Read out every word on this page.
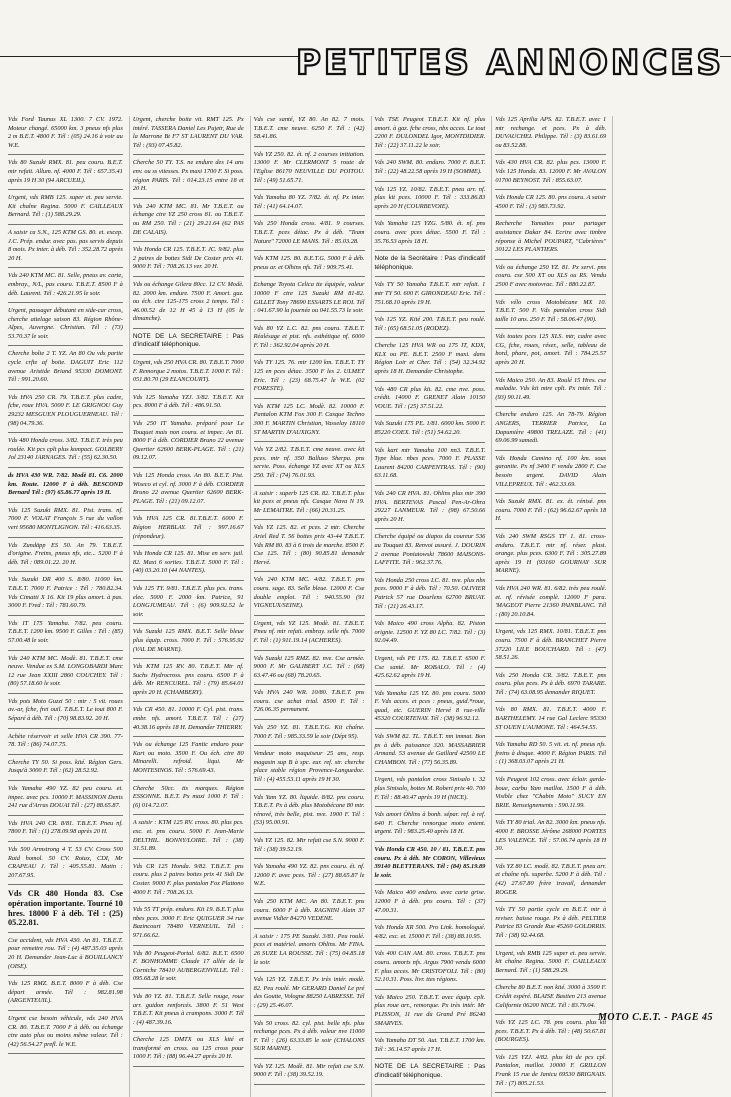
PETITES ANNONCES
Vds Ford Taunus XL 1300. 7 CV. 1972. Moteur changé. 65000 km. 3 pneus nfs plus 2 m B.E.T. 4800 F. Tél : (05) 24.16 à voir au W.E.
Vds 80 Suzuki RMX. 81. peu couru. B.E.T. mtr refait. Allum. nf. 4000 F. Tél : 657.35.41 après 19 H 30 (94 ARCUEIL).
Urgent, vds RMB 125. super et. peu servie. Kit chaîne Regina. 5000 F. CAILLEAUX Bernard. Tél : (1) 588.29.29.
A saisir ca S.N., 125 KTM GS. 80. et. excep. J.C. Prép. endur. avec pas. pas servis depuis 8 mois. Px inter. à déb. Tél : 352.28.72 après 20 H.
Vds 240 KTM MC. 81. Selle, pneus av. carte, embray., N/L, pas couru. T.B.E.T. 8500 F à déb. Laurent. Tél : 426.21.95 le soir.
Urgent, passager débutant en side-car cross, cherche attelage saison 83. Région Rhône-Alpes, Auvergne. Christian. Tél : (73) 53.70.37 le soir.
Cherche boîte 2 T. YZ. An 80 Ou vds partie cycle crfte af boite. DAGUIT Eric 112 avenue Aristide Briand 95330 DOMONT. Tél : 991.20.60.
Vds HVA 250 CR. 79. T.B.E.T. plus cadre, fche, roue HVA. 5000 F. LE GRIGNOU Guy 29232 MESGUEN PLOUGUERNEAU. Tél : (98) 04.79.36.
Vds 480 Honda cross. 3/82. T.B.E.T. très peu roulée. Kit pcs cplt plus kompact. GOLBERY Jol 23140 JARNAGES. Tél : (55) 62.30.50.
ds HVA 430 WR. 7/82. Modè 81. C6. 2000 km. Route. 12000 F à déb. BESCOND Bernard Tél : (97) 65.86.77 après 19 H.
Vds 125 Suzuki RMX. 81. Pist. trans. nf. 7000 F. VOLAT François 5 rue du vallon vert 95680 MONTLIGNON. Tél : 416.63.35.
Vds Zundäpp ES 50. An 79. T.B.E.T. d'origine. Freins, pneus nfs, etc... 5200 F à déb. Tél : 089.01.22. 20 H.
Vds Suzuki DR 400 S. 8/80. 11000 km. T.B.E.T. 7000 F. Patrice : Tél : 780.82.34. Vds Cimatti X 16. Kit 19 plus amort. à pas. 3000 F. Fred : Tél : 781.60.79.
Vds IT 175 Yamaha. 7/82. peu couru. T.B.E.T. 1200 km. 9500 F. Gilles : Tél : (85) 57.00.48 le soir.
Vds 240 KTM MC. Modè. 81. T.B.E.T. cme neuve. Vendue ex S.M. LONGOBARDI Marc 12 rue Jean XXIII 2860 COUCHEY. Tél : (80) 57.18.60 le soir.
Vds pots Moto Guzzi 50 : mtr : 5 vit. roues av.-ar, fche, frei ouil. T.B.E.T. Le tout 800 F. Séparé à déb. Tél : (70) 98.83.92. 20 H.
Achète réservoir et selle HVA CR 390. 77-78. Tél : (86) 74.07.75.
Cherche TY 50. Si poss. kité. Région Gers. Jusqu'à 3000 F. Tél : (62) 28.52.92.
Vds Yamaha 490 YZ. 82 peu couru. et. impec. avec pcs. 10000 F. MASSINON Denis 241 rue d'Arras DOUAI Tél : (27) 88.65.87.
Vds HVA 240 CR. 8/81. T.B.E.T. Pneu nf. 7800 F. Tél : (1) 278.09.98 après 20 H.
Vds 500 Armstrong 4 T. 53 CV. Cross 500 Raid homol. 50 CV. Rotax, CDI, Mr CRAPEAU J. Tél : 405.55.81. Matin : 207.67.95.
Vds CR 480 Honda 83. Cse opération importante. Tourné 10 hres. 18000 F à déb. Tél : (25) 05.22.81.
Cse accident, vds HVA 430. An 81. T.B.E.T. pour remettre rou. Tél : (4) 487.35.03 après 20 H. Demander Jean-Luc à BOUILLANCY (OISE).
Vds 125 RMZ. B.E.T. 8000 F à déb. Cse départ armée. Tél : 982.81.98 (ARGENTEUIL).
Urgent cse besoin véhicule, vds 240 HVA CR. 80. T.B.E.T. 7000 F à déb. ou échange ctre auto plus ou moins même valeur. Tél : (42) 56.54.27 prefl. le W.E.
Urgent, cherche boite vit. RMT 125. Px intéré. TASSERA Daniel Les Pujetr, Rue de la Marrone Bt F7 ST LAURENT DU VAR. Tél : (93) 07.45.82.
Cherche 50 TY. T.S. ne endure des 14 ans env. ou ss vitesses. Px maxi 1700 F. Si poss. région PARIS. Tél : 014.23.15 entre 18 et 20 H.
Vds 240 KTM MC. 81. Mr T.B.E.T. ou échange ctre YZ 250 cross 81. ou T.B.E.T. ou RM 250. Tél : (21) 29.21.64 (62 PAS DE CALAIS).
Vds Honda CR 125. T.B.E.T. JC. 9/82. plus 2 paires de bottes Sidi De Coster prix 41. 9000 F. Tél : 708.26.13 ver. 20 H.
Vds ou échange Gilera 80cc. 12 CV. Modè. 82. 2000 km. endure. 7500 F. Amort. gaz. ou éch. ctre 125-175 cross 2 temps. Tél : 46.00.52 de 12 H 45 à 13 H (05 le dimanche).
NOTE DE LA SECRETAIRE : Pas d'indicatif téléphonique.
Urgent, vds 250 HVA CR. 80. T.B.E.T. 7000 F. Remorque 2 motos. T.B.E.T. 1000 F. Tél : 051.80.70 (29 ELANCOURT).
Vds 125 Yamaha YZJ. 3/82. T.B.E.T. Kit pcs. 8000 F à déb. Tél : 486.91.50.
Vds 250 IT Yamaha. préparé pour Le Touquet mais non couru. et impec. An 81. 8000 F à déb. CORDIER Bruno 22 avenue Quertier 62600 BERK-PLAGE. Tél : (21) 09.12.07.
Vds 125 Honda cross. An 80. B.E.T. Pist. Wiseco et cyl. nf. 3000 F à déb. CORDIER Bruno 22 avenue Quertier 62600 BERK-PLAGE. Tél : (21) 09.12.07.
Vds HVA 125 CR. 81.T.B.E.T. 6000 F. Région HERBLAY. Tél : 997.16.67 (répondeur).
Vds Honda CR 125. 81. Mise en serv. juil. 82. Maxi 6 sorties. T.B.E.T. 5000 F. Tél : (40) 03.20.10 (44 NANTES).
Vds 125 TY. 9/81. T.B.E.T. plus pcs. trans. elec. 5000 F. 2000 km. Patrice, 91 LONGJUMEAU. Tél : (6) 909.92.52 le soir.
Vds Suzuki 125 RMX. B.E.T. Selle bleue plus équip. cross. 7000 F. Tél : 576.95.92 (VAL DE MARNE).
Vds KTM 125 RV. 80. T.B.E.T. Mtr nf. Suchs Hydrocross. pns couru. 6500 F à déb. Mr RENCUREL. Tél : (79) 85.64.01 après 20 H. (CHAMBERY).
Vds CR 450. 81. 10000 F. Cyl. pist. trans. embr. nfs. amort. T.B.E.T. Tél : (27) 40.38.16 après 18 H. Demander THIERRY.
Vds ou échange 125 Fantic enduro pour Kart ou moto. 3500 F. Ou éch. ctre 80 Minarelli. refroid. liqui. Mr MONTESINOS. Tél : 576.69.43.
Cherche 50cc. tts marques. Région ESSONNE. B.E.T. Px maxi 1000 F. Tél : (6) 014.72.07.
A saisir : KTM 125 RV. cross. 80. plus pcs. exc. et. pns couru. 5000 F. Jean-Marie DELTHIL. BONNY/LOIRE. Tél : (38) 31.51.89.
Vds CR 125 Honda. 9/82. T.B.E.T. pns couru. plus 2 paires bottes prix 41 Sidi De Coster. 9000 F. plus pantalon Fox Plattono 4000 F. Tél : 708.26.13.
Vds 55 TT prép. enduro. Kit 19. B.E.T. plus nbes pces. 3000 F. Eric QUIGUER 34 rue Bazincourt 78480 VERNEUIL. Tél : 971.66.62.
Vds 80 Peugeot-Portal. 6/82. B.E.T. 6500 F. BONHOMME Claude 17 allée de la Corniche 78410 AUBERGENVILLE. Tél : 095.68.28 le soir.
Vds 80 YZ. 81. T.B.E.T. Selle rouge, roue arr. guidon renforcés. 3800 F. 51 West T.B.E.T. Kit pneus à crampons. 3000 F. Tél : (4) 487.39.16.
Cherche 125 DMTX ou XLS kité et transformé en cross. ou 125 cross pour 1000 F. Tél : (88) 96.44.27 après 20 H.
Vds cse santé, YZ 80. An 82. 7 mois. T.B.E.T. cme neuve. 6250 F. Tél : (42) 58.41.86.
Vds YZ 250. 82. ét. nf. 2 courses initiation. 13000 F. Mr CLERMONT 5 route de l'Eglise 86170 NEUVILLE DU POITOU. Tél : (49) 51.65.71.
Vds Yamaha 80 YZ. 7/82. ét. nf. Px inter. Tél : (41) 64.14.07.
Vds 250 Honda cross. 4/81. 9 courses. T.B.E.T. pces détac. Px à déb. "Team Nature" 72000 LE MANS. Tél : 85.03.28.
Vds KTM 125. 80. B.E.T.G. 5000 F à déb. pneus ar. et Olhins nfs. Tél : 909.75.41.
Echange Toyota Celica tte équipée, valeur 10000 F ctre 125 Suzuki RM 81-82. GILLET Tony 78690 ESSARTS LE ROI. Tél : 041.67.90 la journée ou 041.55.73 le soir.
Vds 80 YZ L.C. 82. pns couru. T.B.E.T. Réalésage et pist. nfs. esthétique nf. 6000 F. Tél : 362.92.04 après 20 H.
Vds TY 125. 76. mtr 1200 km. T.B.E.T. TY 125 en pces détac. 3500 F les 2. ULMET Eric. Tél : (23) 68.75.47 le W.E. (02 FORESTE).
Vds KTM 125 LC. Modè. 82. 10000 F. Pantalon KTM Fox 300 F. Casque Techno 300 F. MARTIN Christian, Vasselay 18110 ST MARTIN D'AUXIGNY.
Vds YZ 2/82. T.B.E.T. cme neuve. avec kit pces. mtr nf. 350 Balluso Sherpa. pns servie. Poss. échange YZ avec XT ou XLS 250. Tél : (74) 76.01.93.
A saisir : superb 125 CR. 82. T.B.E.T. plus kit pces et pneus nfs. Casque Nava N 19. Mr LEMAITRE. Tél : (66) 20.31.25.
Vds YZ 125. 82. et pces. 2 mtr. Cherche Ariel Red T. 56 bottes prix 43-44 T.B.E.T. Vds RM 80. 83 à 6 trois de marche. 8500 F. Cse 125. Tél : (80) 90.85.81 demande Hervé.
Vds 240 KTM MC. 4/82. T.B.E.T. pns couru. sage. 83. Selle bleue. 12000 F. Cse double emploi. Tél : 940.55.90 (91 VIGNEUX/SEINE).
Urgent, vds YZ 125. Modè. 81. T.B.E.T. Pneu nf. mtr refait. embray. selle nfs. 7000 F. Tél : (1) 911.19.14 (ACHERES).
Vds Suzuki 125 RMZ. 82. nve. Cse armée. 9000 F. Mr GALIBERT J.C. Tél : (68) 63.47.46 ou (68) 78.20.65.
Vds HVA 240 WR. 10/80. T.B.E.T. pns couru. cse achat trial. 8500 F. Tél : 726.06.35 permanent.
Vds 250 YZ. 81. T.B.E.T.G. Kit chaîne. 7000 F. Tél : 985.33.59 le soir (Dépt 95).
Vendeur moto maquiseur 25 ans, resp. magasin sup B à spc. eur. ref. str. cherche place stable région Provence-Languedoc. Tél : (4) 455.53.11 après 19 H 30.
Vds Yam YZ. 80. liquide. 8/82. pns couru. T.B.E.T. Px à déb. plus Motobécane 80 mtr. rénové, très belle, pist. nve. 1900 F. Tél : (53) 95.00.91.
Vds YZ 125. 82. Mtr refait cse S.N. 9000 F. Tél : (38) 39.52.19.
Vds Yamaha 490 YZ. 82. pns couru. ét. nf. 12000 F. avec pces. Tél : (27) 88.65.87 le W.E.
Vds 250 KTM MC. An 80. T.B.E.T. pns couru. 6000 F à déb. RAGNINI Alain 37 avenue Vidier 84270 VEDENE.
A saisir : 175 PE Suzuki. 3/81. Peu roulé. pces et matériel. amorts Ohlins. Mr FINA. 26 SUZE LA ROUSSE. Tél : (75) 04.85.18 le soir.
Vds 125 YZ. T.B.E.T. Px très intér. modè. 82. Peu roulé. Mr GERARD Daniel Le pré des Goutte, Vologne 88250 LABRESSE. Tél : (29) 25.46.07.
Vds 50 cross. 82. cyl. pist. belle nfs. plus rechange pces. Px à déb. valeur nve 11000 F. Tél : (26) 63.33.85 le soir (CHALONS SUR MARNE).
Vds YZ 125. Modè. 81. Mtr refait cse S.N. 9000 F. Tél : (38) 39.52.19.
Vds TSE Peugeot T.B.E.T. Kit nf. plus amort. à gaz. fche cross, nbx acces. Le tout 2200 F. DULONDEL Igor, MONTDIDIER. Tél : (22) 37.11.22 le soir.
Vds 240 SWM. 80. enduro. 7000 F. B.E.T. Tél : (22) 48.22.58 après 19 H (SOMME).
Vds 125 YZ. 10/82. T.B.E.T. pneu arr. nf. plus kit pces. 10000 F. Tél : 333.86.83 après 20 H (COURBEVOIE).
Vds Yamaha 125 YZG. 5/80. ét. nf. pns couru. avec pces détac. 5500 F. Tél : 35.76.53 après 18 H.
Note de la Secrétaire : Pas d'indicatif téléphonique.
Vds TY 50 Yamaha T.B.E.T. mtr refait. 1 mtr TY 50. 600 F. GIRONDEAU Eric. Tél : 751.68.10 après 19 H.
Vds 125 YZ. Kité 200. T.B.E.T. peu roulé. Tél : (65) 68.51.05 (RODEZ).
Cherche 125 HVA WR ou 175 IT, KDX, KLX ou PE. B.E.T. 2500 F maxi. dans Région Loir et Cher. Tél : (54) 32.34.92 après 18 H. Demander Christophe.
Vds 480 CR plus kit. 82. cme nve. poss. crédit. 14000 F. GRENET Alain 10150 VOUE. Tél : (25) 37.51.22.
Vds Suzuki 175 PE. 1/81. 6000 km. 5000 F. 85220 COEX. Tél : (51) 54.62.20.
Vds kart mtr Yamaha 100 nn3. T.B.E.T. Type blue. nbes pces. 7000 F. PLASSE Laurent 84200 CARPENTRAS. Tél : (90) 63.11.68.
Vds 240 CR HVA. 81. Ohlins plus mtr 390 HVA. BERTEVAS Pascal Pen-Ar-Ohra 29227 LANMEUR. Tél : (98) 67.50.66 après 20 H.
Cherche équipé ou diapos du coureur 536 au Touquet 83. Renvoi assuré. J. DOURIN 2 avenue Poniatowski 78600 MAISONS-LAFFITE. Tél : 962.37.76.
Vds Honda 250 cross LC. 81. nve. plus nbx pces. 9000 F à déb. Tél : 70.50. OLIVIER Patrick 57 rue Dourlens 62700 BRUAY. Tél : (21) 26.43.17.
Vds Maico 490 cross Alpha. 82. Piston orignie. 12500 F. YZ 80 LC. 7/82. Tél : (3) 92.04.49.
Urgent, vds PE 175. 82. T.B.E.T. 6500 F. Cse santé. Mr ROBALO. Tél : (4) 425.62.62 après 19 H.
Vds Yamaha 125 YZ. 80. pns couru. 5000 F. Vds acces. et pces : pneus, guid.*roue, quad, etc. GUERIN Hervé 8 rue-ville 45320 COURTENAY. Tél : (38) 96.92.12.
Vds SWM 82. TL. T.B.E.T. nm immat. Bon px à déb. puissance 320. MASSABRIER Armand. 53 avenue de Gaillard 42500 LE CHAMBON. Tél : (77) 56.35.89.
Urgent, vds pantalon cross Sinisalo t. 32 plus Sinisalo, bottes M. Robert prix 40. 700 F. Tél : 88.40.47 après 19 H (NICE).
Vds amort Öhlins à bonb. sépar. ref. à ref. 640 F. Cherche remorque moto entent. urgent. Tél : 983.25.40 après 18 H.
Vds Honda CR 450. 10 / 81. T.B.E.T. pns couru. Px à déb. Mr CORON, Villevieux 39140 BLETTERANS. Tél : (84) 85.19.89 le soir.
Vds Maico 400 enduro. avec carte grise. 12000 F à déb. pns couru. Tél : (37) 47.00.31.
Vds Honda XR 500. Pro Link. homologué. 4/82. exc. et. 15000 F. Tél : (38) 88.10.95.
Vds 400 CAN AM. 80. cross. T.B.E.T. pns couru. amorts nfs. Argus 7900 vendu 6000 F. plus acces. Mr CRISTOFOLI. Tél : (80) 52.10.31. Poss. livr. ttes régions.
Vds Maico 250. T.B.E.T. avec équip. cplt. plus roue arr., remorque. Px très intér. Mr PLISSON, 11 rue du Grand Pré 86240 SMARVES.
Vds Yamaha DT 50. Aut. T.B.E.T. 1700 km. Tél : 36.14.57 après 17 H.
NOTE DE LA SECRETAIRE : Pas d'indicatif téléphonique.
Vds 125 Aprilia APS. 82. T.B.E.T. avec 1 mtr rechange. et pces. Px à déb. DUVAUCHEL Philippe. Tél : (3) 83.61.69 ou 83.52.88.
Vds 430 HVA CR. 82. plus pcs. 13000 F. Vds 125 Honda. 83. 12000 F. Mr AVALON 01700 BEYNOST. Tél : 855.63.07.
Vds Honda CR 125. 80. pns couru. A saisir 4500 F. Tél : (3) 983.73.92.
Recherche Yamaites pour partager assistance Dakar 84. Ecrire avec timbre réponse à Michel POUPART, "Cabrières" 30122 LES PLANTIERS.
Vds ou échange 250 YZ. 81. Px servi. pns couru. cse 500 XT ou XLS ou RS. Vendu 2500 F avec motovrac. Tél : 880.22.87.
Vds vélo cross Motobécane MX 10. T.B.E.T. 500 F. Vds pantalon cross Sidi taille 10 ans. 250 F. Tél : 58.06.47 (90).
Vds toutes pces 125 XLS. mtr, cadre avec CG, fche, roues, réser., selle, tableau de bord, phare, pot, amort. Tél : 784.25.57 après 20 H.
Vds Maico 250. An 83. Roulé 15 Hres. cse maladie. Vds kit mtre cplt. Px intér. Tél : (93) 90.11.49.
Cherche enduro 125. An 78-79. Région ANGERS, TERRIER Patrice, La Dapumière 49800 TRELAZE. Tél : (41) 69.06.99 samedi.
Vds Honda Camino nf. 100 km. sous garantie. Px nf 3400 F vendu 2800 F. Cse besoin argent. DAVID Alain VILLEPREUX. Tél : 462.33.69.
Vds Suzuki RMX. 81. ex. ét. rénisé. pns couru. 7000 F. Tél : (62) 96.62.67 après 18 H.
Vds 240 SWM RSGS TF 1. 81. cross-enduro. T.B.E.T. mtr nf. réser. plast. orange. plus pces. 6300 F. Tél : 305.27.89 après 19 H (93160 GOURNAY SUR MARNE).
Vds HVA 240 WR. 81. 6/82. très peu roulé. et. nf. révisée complè. 12000 F para. 'MAGEOT Pierre 21360 PAINBLANC. Tél : (80) 20.10.84.
Urgent, vds 125 RMX. 10/81. T.B.E.T. pns couru. 7500 F à déb. BRANCHET Pierre 37220 LILE BOUCHARD. Tél : (47) 58.51.26.
Vds 250 Honda CR. 3/82. T.B.E.T. pns couru. plus pces. Px à déb. 6970 TARARE. Tél : (74) 63.08.95 demander RIQUET.
Vds 80 RMX. 81. T.B.E.T. 4000 F. BARTHELEMY. 14 rue Gal Leclerc 95330 ST OUEN L'AUMONE. Tél : 464.54.55.
Vds Yamaha RD 50. 5 vit. et. nf. pneus nfs. freins à disque. 4000 F. Région PARIS. Tél : (1) 368.03.07 après 21 H.
Vds Peugeot 102 cross. avec éclair. garde-boue, carbu Yam maillot. 1500 F à déb. Visible chez "Chabin Moto" SUCY EN BRIE. Renseignements : 590.11.99.
Vds TY 80 trial. An 82. 3000 km. pneus nfs. 4000 F. BROSSE Jérôme 268000 PORTES LES VALENCE. Tél : 57.06.74 après 18 H 30.
Vds YZ 80 LC. modè. 82. T.B.E.T. pneu arr. et chaîne nfs. superbe. 5200 F à déb. Tél : (42) 27.67.80 frère travail, demander ROGER.
Vds TY 50 partie cycle en B.E.T. mtr à reviser. baisse rouge. Px à déb. PELTIER Patrice 83 Grande Rue 45260 GOLDRRIS. Tél : (38) 92.44.68.
Urgent, vds RMB 125 super et. peu servie. kit chaîne Regina. 5000 F. CAILLEAUX Bernard. Tél : (1) 588.29.29.
Cherche 80 B.E.T. non kité. 3000 à 3500 F. Crédit espéré. BLAISE Bastien 213 avenue Californie 06200 NICE. Tél : 83.79.04.
Vds YZ 125 LC. 78. pns couru. plus kit pces. T.B.E.T. Px à déb. Tél : (48) 50.67.81 (BOURGES).
Vds 125 YZJ. 4/82. plus kit de pcs cpl. Pantalon, maillot. 10000 F. GRILLON Frank 15 rue de Janicu 69530 BRIGNAIS. Tél : (7) 805.21.53.
MOTO C.E.T. - PAGE 45
